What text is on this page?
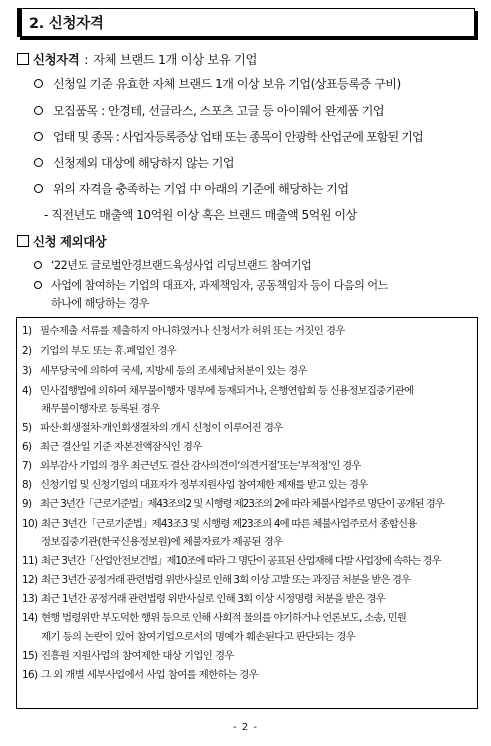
2. 신청자격
신청자격 : 자체 브랜드 1개 이상 보유 기업
신청일 기준 유효한 자체 브랜드 1개 이상 보유 기업(상표등록증 구비)
모집품목 : 안경테, 선글라스, 스포츠 고글 등 아이웨어 완제품 기업
업태 및 종목 : 사업자등록증상 업태 또는 종목이 안광학 산업군에 포함된 기업
신청제외 대상에 해당하지 않는 기업
위의 자격을 충족하는 기업 中 아래의 기준에 해당하는 기업
- 직전년도 매출액 10억원 이상 혹은 브랜드 매출액 5억원 이상
신청 제외대상
‘22년도 글로벌안경브랜드육성사업 리딩브랜드 참여기업
사업에 참여하는 기업의 대표자, 과제책임자, 공동책임자 등이 다음의 어느
하나에 해당하는 경우
1) 필수제출 서류를 제출하지 아니하였거나 신청서가 허위 또는 거짓인 경우
2) 기업의 부도 또는 휴.폐업인 경우
3) 세무당국에 의하여 국세, 지방세 등의 조세체납처분이 있는 경우
4) 민사집행법에 의하여 채무불이행자 명부에 등재되거나, 은행연합회 등 신용정보집중기관에
채무불이행자로 등록된 경우
5) 파산·회생절차·개인회생절차의 개시 신청이 이루어진 경우
6) 최근 결산일 기준 자본전액잠식인 경우
7) 외부감사 기업의 경우 최근년도 결산 감사의견이‘의견거절’또는‘부적정’인 경우
8) 신청기업 및 신청기업의 대표자가 정부지원사업 참여제한 제재를 받고 있는 경우
9) 최근 3년간「근로기준법」제43조의2 및 시행령 제23조의 2에 따라 체불사업주로 명단이 공개된 경우
10) 최근 3년간「근로기준법」제43조3 및 시행령 제23조의 4에 따른 체불사업주로서 종합신용
정보집중기관(한국신용정보원)에 체불자료가 제공된 경우
11) 최근 3년간「산업안전보건법」제10조에 따라 그 명단이 공표된 산업재해 다발 사업장에 속하는 경우
12) 최근 3년간 공정거래 관련법령 위반사실로 인해 3회 이상 고발 또는 과징금 처분을 받은 경우
13) 최근 1년간 공정거래 관련법령 위반사실로 인해 3회 이상 시정명령 처분을 받은 경우
14) 현행 법령위반 부도덕한 행위 등으로 인해 사회적 물의를 야기하거나 언론보도, 소송, 민원
제기 등의 논란이 있어 참여기업으로서의 명예가 훼손된다고 판단되는 경우
15) 진흥원 지원사업의 참여제한 대상 기업인 경우
16) 그 외 개별 세부사업에서 사업 참여를 제한하는 경우
- 2 -
